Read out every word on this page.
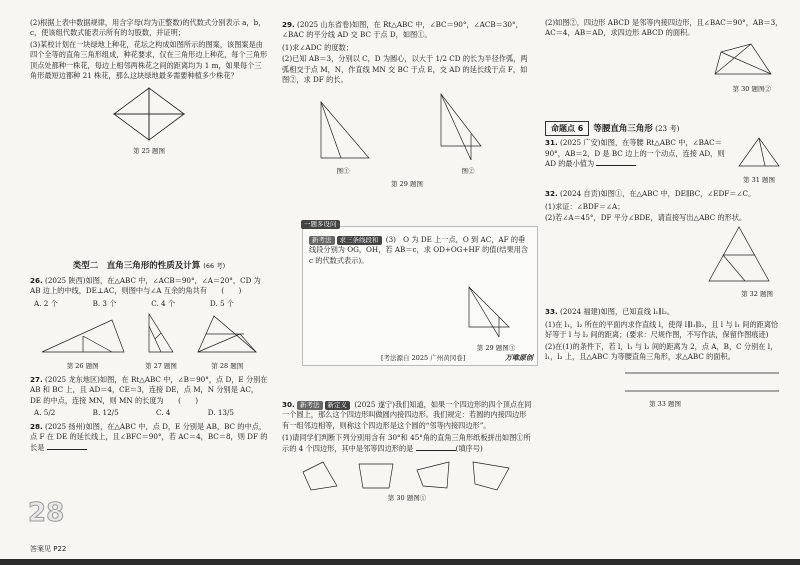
(2)根据上表中数据规律，用含字母(均为正整数)的代数式分别表示 a，b，c，使该组代数式能表示所有的勾股数，并证明；

(3)某校计划在一块绿地上种花，花坛之构成如图所示的图案，该图案是由四个全等的直角三角形组成，种花要求，仅在三角形边上种花，每个三角形顶点处都种一株花，每边上相邻两株花之间的距离均为 1 m，如果每个三角形最短边都种 21 株花，那么这块绿地最多需要种植多少株花？

第 25 题图

类型二　直角三角形的性质及计算 (66 考)

26. (2025 陕西)如图，在△ABC 中，∠ACB＝90°，∠A＝20°，CD 为 AB 边上的中线，DE⊥AC，则图中与∠A 互余的角共有　　(　　)

A. 2 个	B. 3 个	C. 4 个	D. 5 个

第 26 题图	第 27 题图	第 28 题图

27. (2025 龙东地区)如图，在 Rt△ABC 中，∠B＝90°，点 D，E 分别在 AB 和 BC 上，且 AD＝4，CE＝3，连接 DE，点 M，N 分别是 AC，DE 的中点，连接 MN，则 MN 的长度为　　(　　)

A. 5/2	B. 12/5	C. 4	D. 13/5

28. (2025 扬州)如图，在△ABC 中，点 D，E 分别是 AB，BC 的中点，点 F 在 DE 的延长线上，且∠BFC＝90°，若 AC＝4，BC＝8，则 DF 的长是

28
答案见 P22

29. (2025 山东省卷)如图，在 Rt△ABC 中，∠BC＝90°，∠ACB＝30°，∠BAC 的平分线 AD 交 BC 于点 D，如图①。

(1)求∠ADC 的度数；

(2)已知 AB＝3，分别以 C，D 为圆心，以大于 1/2 CD 的长为半径作弧，两弧相交于点 M，N，作直线 MN 交 BC 于点 E，交 AD 的延长线于点 F，如图②，求 DF 的长。

图①	图②

第 29 题图

一题多设问

新考法 求三条线段和 (3)　O 为 DE 上一点，O 到 AC，AF 的垂线段分别为 OG，OH，若 AB＝c，求 OD+OG+HF 的值(结果用含 c 的代数式表示)。

第 29 题图③

[考法源自 2025 广州黄冈卷]	万唯原创

30. 新考法 新定义 (2025 遂宁)我们知道，如果一个四边形的四个顶点在同一个圆上，那么这个四边形叫做圆内接四边形。我们规定：若圆的内接四边形有一组邻边相等，则称这个四边形是这个圆的“邻等内接四边形”。

(1)请同学们判断下列分别用含有 30°和 45°角的直角三角形纸板拼出如图①所示的 4 个四边形，其中是邻等四边形的是	(填序号)

第 30 题图①

(2)如图②，四边形 ABCD 是邻等内接四边形，且∠BAC＝90°，AB＝3，AC＝4，AB＝AD，求四边形 ABCD 的面积。

第 30 题图②

命题点 6 等腰直角三角形 (23 考)

31. (2025 广安)如图，在等腰 Rt△ABC 中，∠BAC＝90°，AB＝2，D 是 BC 边上的一个动点，连接 AD，则 AD 的最小值为

第 31 题图

32. (2024 自贡)如图①，在△ABC 中，DE∥BC，∠EDF＝∠C。

(1)求证：∠BDF＝∠A；

(2)若∠A＝45°，DF 平分∠BDE，请直接写出△ABC 的形状。

第 32 题图

33. (2024 福建)如图，已知直线 l₁∥l₂。

(1)在 l₁，l₂ 所在的平面内求作直线 l，使得 l∥l₁∥l₂，且 l 与 l₁ 间的距离恰好等于 l 与 l₂ 间的距离；(要求：尺规作图，不写作法，保留作图痕迹)

(2)在(1)的条件下，若 l，l₁ 与 l₂ 间的距离为 2，点 A，B，C 分别在 l，l₁，l₂ 上，且△ABC 为等腰直角三角形，求△ABC 的面积。

第 33 题图
